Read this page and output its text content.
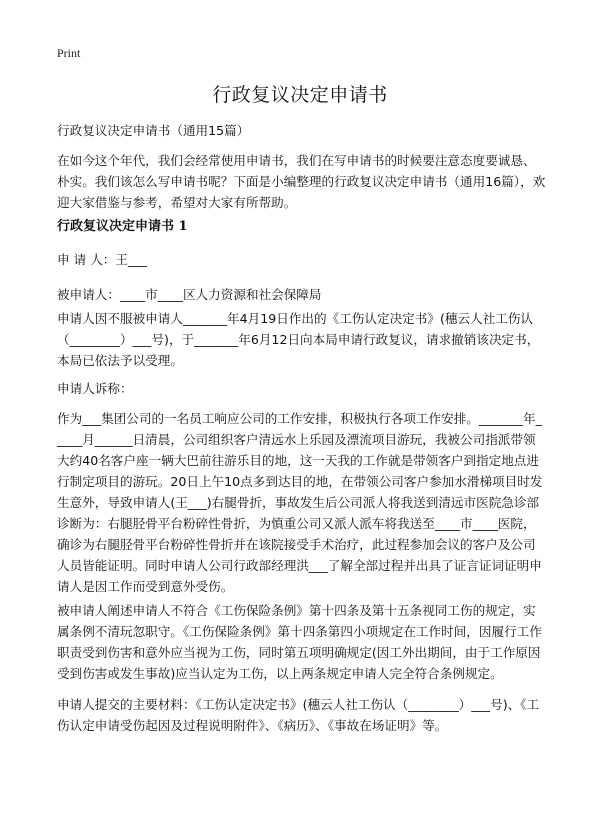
Print
行政复议决定申请书

行政复议决定申请书（通用15篇）

在如今这个年代，我们会经常使用申请书，我们在写申请书的时候要注意态度要诚恳、朴实。我们该怎么写申请书呢？下面是小编整理的行政复议决定申请书（通用16篇），欢迎大家借鉴与参考，希望对大家有所帮助。

行政复议决定申请书 1

申 请 人：王___

被申请人：____市____区人力资源和社会保障局

申请人因不服被申请人_______年4月19日作出的《工伤认定决定书》(穗云人社工伤认（________）___号)，于_______年6月12日向本局申请行政复议，请求撤销该决定书，本局已依法予以受理。

申请人诉称：

作为___集团公司的一名员工响应公司的工作安排，积极执行各项工作安排。_______年_____月______日清晨，公司组织客户清远水上乐园及漂流项目游玩，我被公司指派带领大约40名客户座一辆大巴前往游乐目的地，这一天我的工作就是带领客户到指定地点进行制定项目的游玩。20日上午10点多到达目的地，在带领公司客户参加水滑梯项目时发生意外，导致申请人(王___)右腿骨折，事故发生后公司派人将我送到清远市医院急诊部诊断为：右腿胫骨平台粉碎性骨折，为慎重公司又派人派车将我送至____市____医院，确诊为右腿胫骨平台粉碎性骨折并在该院接受手术治疗，此过程参加会议的客户及公司人员皆能证明。同时申请人公司行政部经理洪___了解全部过程并出具了证言证词证明申请人是因工作而受到意外受伤。

被申请人阐述申请人不符合《工伤保险条例》第十四条及第十五条视同工伤的规定，实属条例不清玩忽职守。《工伤保险条例》第十四条第四小项规定在工作时间，因履行工作职责受到伤害和意外应当视为工伤，同时第五项明确规定(因工外出期间，由于工作原因受到伤害或发生事故)应当认定为工伤，以上两条规定申请人完全符合条例规定。

申请人提交的主要材料：《工伤认定决定书》(穗云人社工伤认（________）___号)、《工伤认定申请受伤起因及过程说明附件》、《病历》、《事故在场证明》等。
